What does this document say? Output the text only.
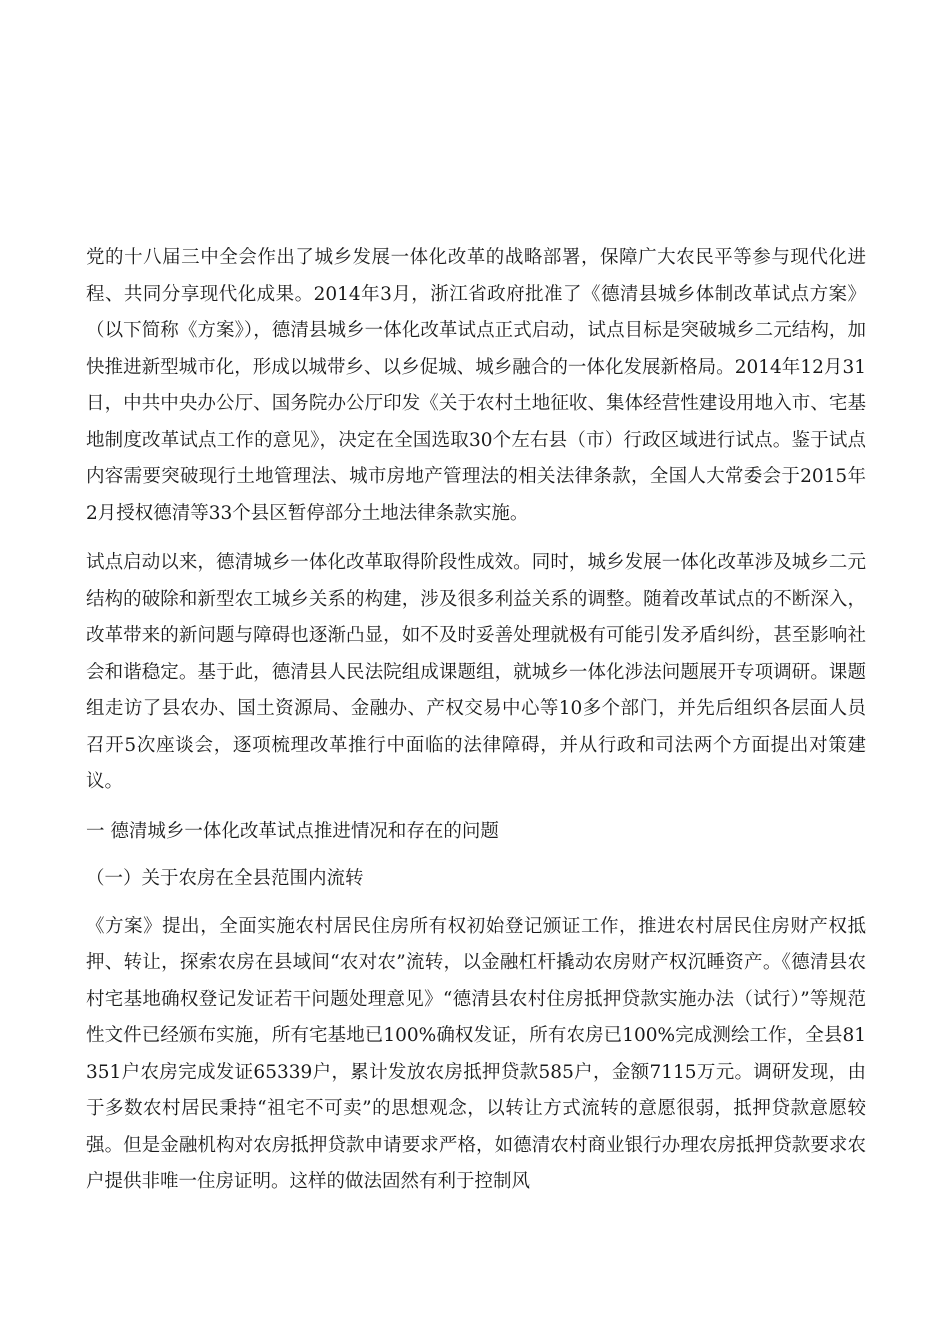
党的十八届三中全会作出了城乡发展一体化改革的战略部署，保障广大农民平等参与现代化进程、共同分享现代化成果。2014年3月，浙江省政府批准了《德清县城乡体制改革试点方案》（以下简称《方案》），德清县城乡一体化改革试点正式启动，试点目标是突破城乡二元结构，加快推进新型城市化，形成以城带乡、以乡促城、城乡融合的一体化发展新格局。2014年12月31日，中共中央办公厅、国务院办公厅印发《关于农村土地征收、集体经营性建设用地入市、宅基地制度改革试点工作的意见》，决定在全国选取30个左右县（市）行政区域进行试点。鉴于试点内容需要突破现行土地管理法、城市房地产管理法的相关法律条款，全国人大常委会于2015年2月授权德清等33个县区暂停部分土地法律条款实施。

试点启动以来，德清城乡一体化改革取得阶段性成效。同时，城乡发展一体化改革涉及城乡二元结构的破除和新型农工城乡关系的构建，涉及很多利益关系的调整。随着改革试点的不断深入，改革带来的新问题与障碍也逐渐凸显，如不及时妥善处理就极有可能引发矛盾纠纷，甚至影响社会和谐稳定。基于此，德清县人民法院组成课题组，就城乡一体化涉法问题展开专项调研。课题组走访了县农办、国土资源局、金融办、产权交易中心等10多个部门，并先后组织各层面人员召开5次座谈会，逐项梳理改革推行中面临的法律障碍，并从行政和司法两个方面提出对策建议。

一 德清城乡一体化改革试点推进情况和存在的问题

（一）关于农房在全县范围内流转

《方案》提出，全面实施农村居民住房所有权初始登记颁证工作，推进农村居民住房财产权抵押、转让，探索农房在县域间“农对农”流转，以金融杠杆撬动农房财产权沉睡资产。《德清县农村宅基地确权登记发证若干问题处理意见》“德清县农村住房抵押贷款实施办法（试行）”等规范性文件已经颁布实施，所有宅基地已100%确权发证，所有农房已100%完成测绘工作，全县81351户农房完成发证65339户，累计发放农房抵押贷款585户，金额7115万元。调研发现，由于多数农村居民秉持“祖宅不可卖”的思想观念，以转让方式流转的意愿很弱，抵押贷款意愿较强。但是金融机构对农房抵押贷款申请要求严格，如德清农村商业银行办理农房抵押贷款要求农户提供非唯一住房证明。这样的做法固然有利于控制风
